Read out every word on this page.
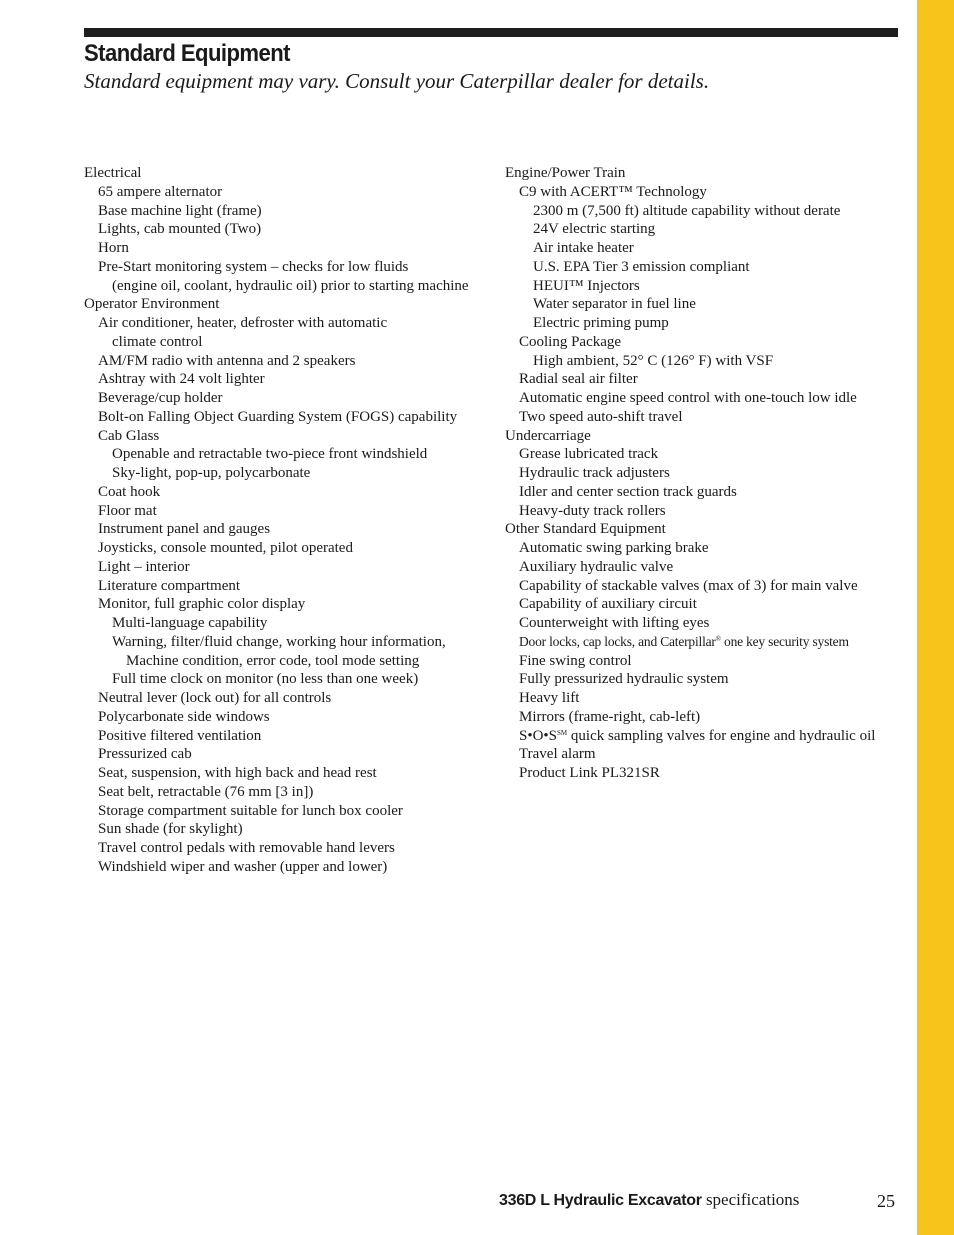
Standard Equipment
Standard equipment may vary. Consult your Caterpillar dealer for details.
Electrical
65 ampere alternator
Base machine light (frame)
Lights, cab mounted (Two)
Horn
Pre-Start monitoring system – checks for low fluids
(engine oil, coolant, hydraulic oil) prior to starting machine
Operator Environment
Air conditioner, heater, defroster with automatic
climate control
AM/FM radio with antenna and 2 speakers
Ashtray with 24 volt lighter
Beverage/cup holder
Bolt-on Falling Object Guarding System (FOGS) capability
Cab Glass
Openable and retractable two-piece front windshield
Sky-light, pop-up, polycarbonate
Coat hook
Floor mat
Instrument panel and gauges
Joysticks, console mounted, pilot operated
Light – interior
Literature compartment
Monitor, full graphic color display
Multi-language capability
Warning, filter/fluid change, working hour information,
Machine condition, error code, tool mode setting
Full time clock on monitor (no less than one week)
Neutral lever (lock out) for all controls
Polycarbonate side windows
Positive filtered ventilation
Pressurized cab
Seat, suspension, with high back and head rest
Seat belt, retractable (76 mm [3 in])
Storage compartment suitable for lunch box cooler
Sun shade (for skylight)
Travel control pedals with removable hand levers
Windshield wiper and washer (upper and lower)
Engine/Power Train
C9 with ACERT™ Technology
2300 m (7,500 ft) altitude capability without derate
24V electric starting
Air intake heater
U.S. EPA Tier 3 emission compliant
HEUI™ Injectors
Water separator in fuel line
Electric priming pump
Cooling Package
High ambient, 52° C (126° F) with VSF
Radial seal air filter
Automatic engine speed control with one-touch low idle
Two speed auto-shift travel
Undercarriage
Grease lubricated track
Hydraulic track adjusters
Idler and center section track guards
Heavy-duty track rollers
Other Standard Equipment
Automatic swing parking brake
Auxiliary hydraulic valve
Capability of stackable valves (max of 3) for main valve
Capability of auxiliary circuit
Counterweight with lifting eyes
Door locks, cap locks, and Caterpillar® one key security system
Fine swing control
Fully pressurized hydraulic system
Heavy lift
Mirrors (frame-right, cab-left)
S•O•S℠ quick sampling valves for engine and hydraulic oil
Travel alarm
Product Link PL321SR
336D L Hydraulic Excavator specifications	25
